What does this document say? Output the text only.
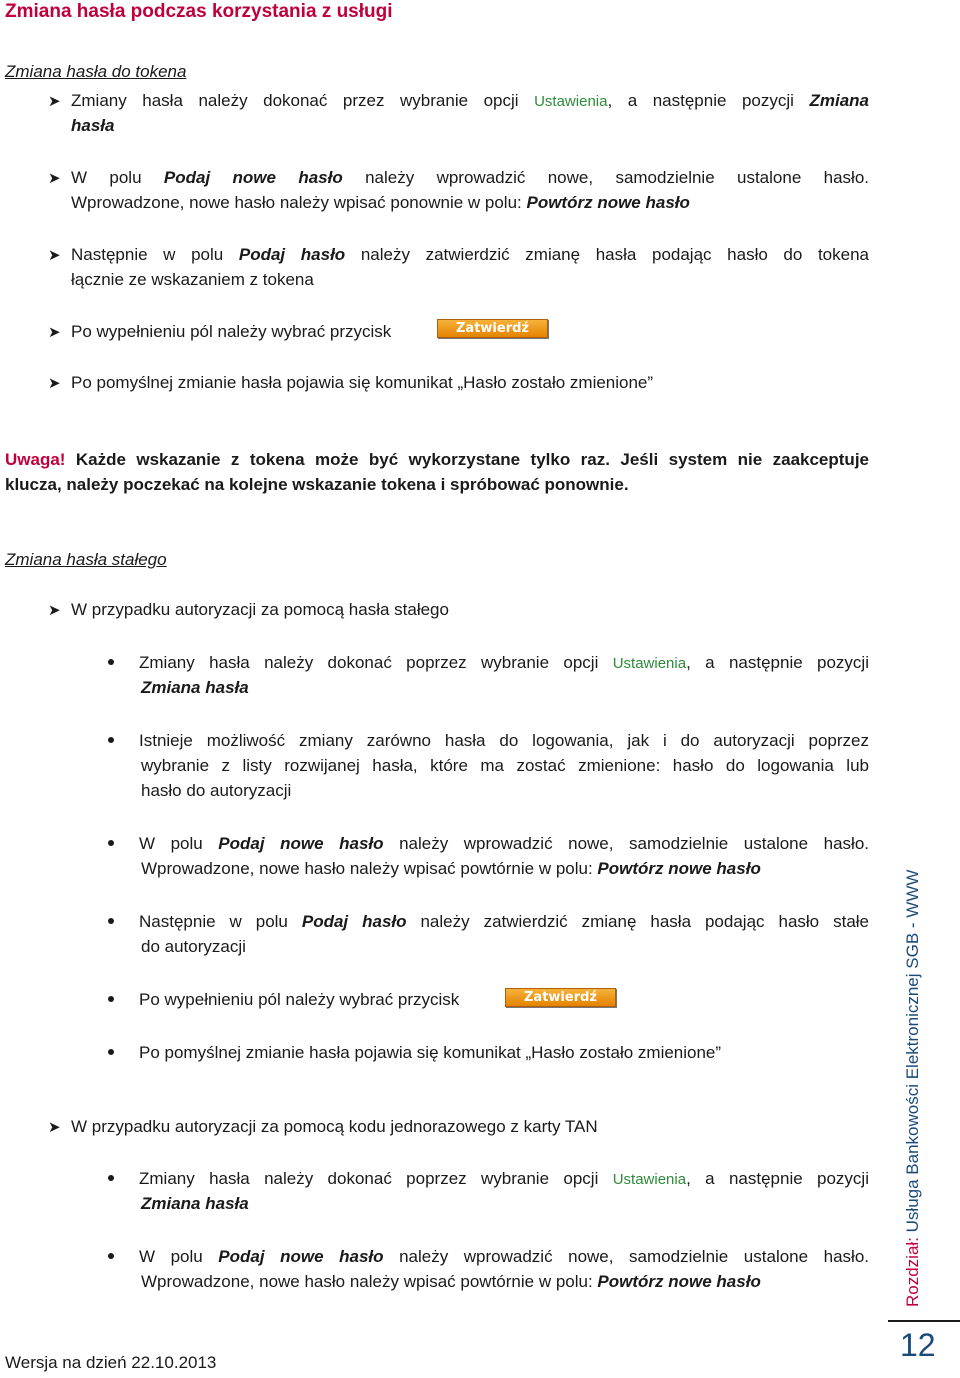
Zmiana hasła podczas korzystania z usługi
Zmiana hasła do tokena
➤ Zmiany hasła należy dokonać przez wybranie opcji Ustawienia, a następnie pozycji Zmiana
hasła
➤ W polu Podaj nowe hasło należy wprowadzić nowe, samodzielnie ustalone hasło.
Wprowadzone, nowe hasło należy wpisać ponownie w polu: Powtórz nowe hasło
➤ Następnie w polu Podaj hasło należy zatwierdzić zmianę hasła podając hasło do tokena
łącznie ze wskazaniem z tokena
➤ Po wypełnieniu pól należy wybrać przycisk	Zatwierdź
➤ Po pomyślnej zmianie hasła pojawia się komunikat „Hasło zostało zmienione”
Uwaga! Każde wskazanie z tokena może być wykorzystane tylko raz. Jeśli system nie zaakceptuje
klucza, należy poczekać na kolejne wskazanie tokena i spróbować ponownie.
Zmiana hasła stałego
➤ W przypadku autoryzacji za pomocą hasła stałego
Zmiany hasła należy dokonać poprzez wybranie opcji Ustawienia, a następnie pozycji
Zmiana hasła
Istnieje możliwość zmiany zarówno hasła do logowania, jak i do autoryzacji poprzez
wybranie z listy rozwijanej hasła, które ma zostać zmienione: hasło do logowania lub
hasło do autoryzacji
W polu Podaj nowe hasło należy wprowadzić nowe, samodzielnie ustalone hasło.
Wprowadzone, nowe hasło należy wpisać powtórnie w polu: Powtórz nowe hasło
Następnie w polu Podaj hasło należy zatwierdzić zmianę hasła podając hasło stałe
do autoryzacji
Po wypełnieniu pól należy wybrać przycisk	Zatwierdź
Po pomyślnej zmianie hasła pojawia się komunikat „Hasło zostało zmienione”
➤ W przypadku autoryzacji za pomocą kodu jednorazowego z karty TAN
Zmiany hasła należy dokonać poprzez wybranie opcji Ustawienia, a następnie pozycji
Zmiana hasła
W polu Podaj nowe hasło należy wprowadzić nowe, samodzielnie ustalone hasło.
Wprowadzone, nowe hasło należy wpisać powtórnie w polu: Powtórz nowe hasło
Wersja na dzień 22.10.2013
Rozdział: Usługa Bankowości Elektronicznej SGB - WWW
12
